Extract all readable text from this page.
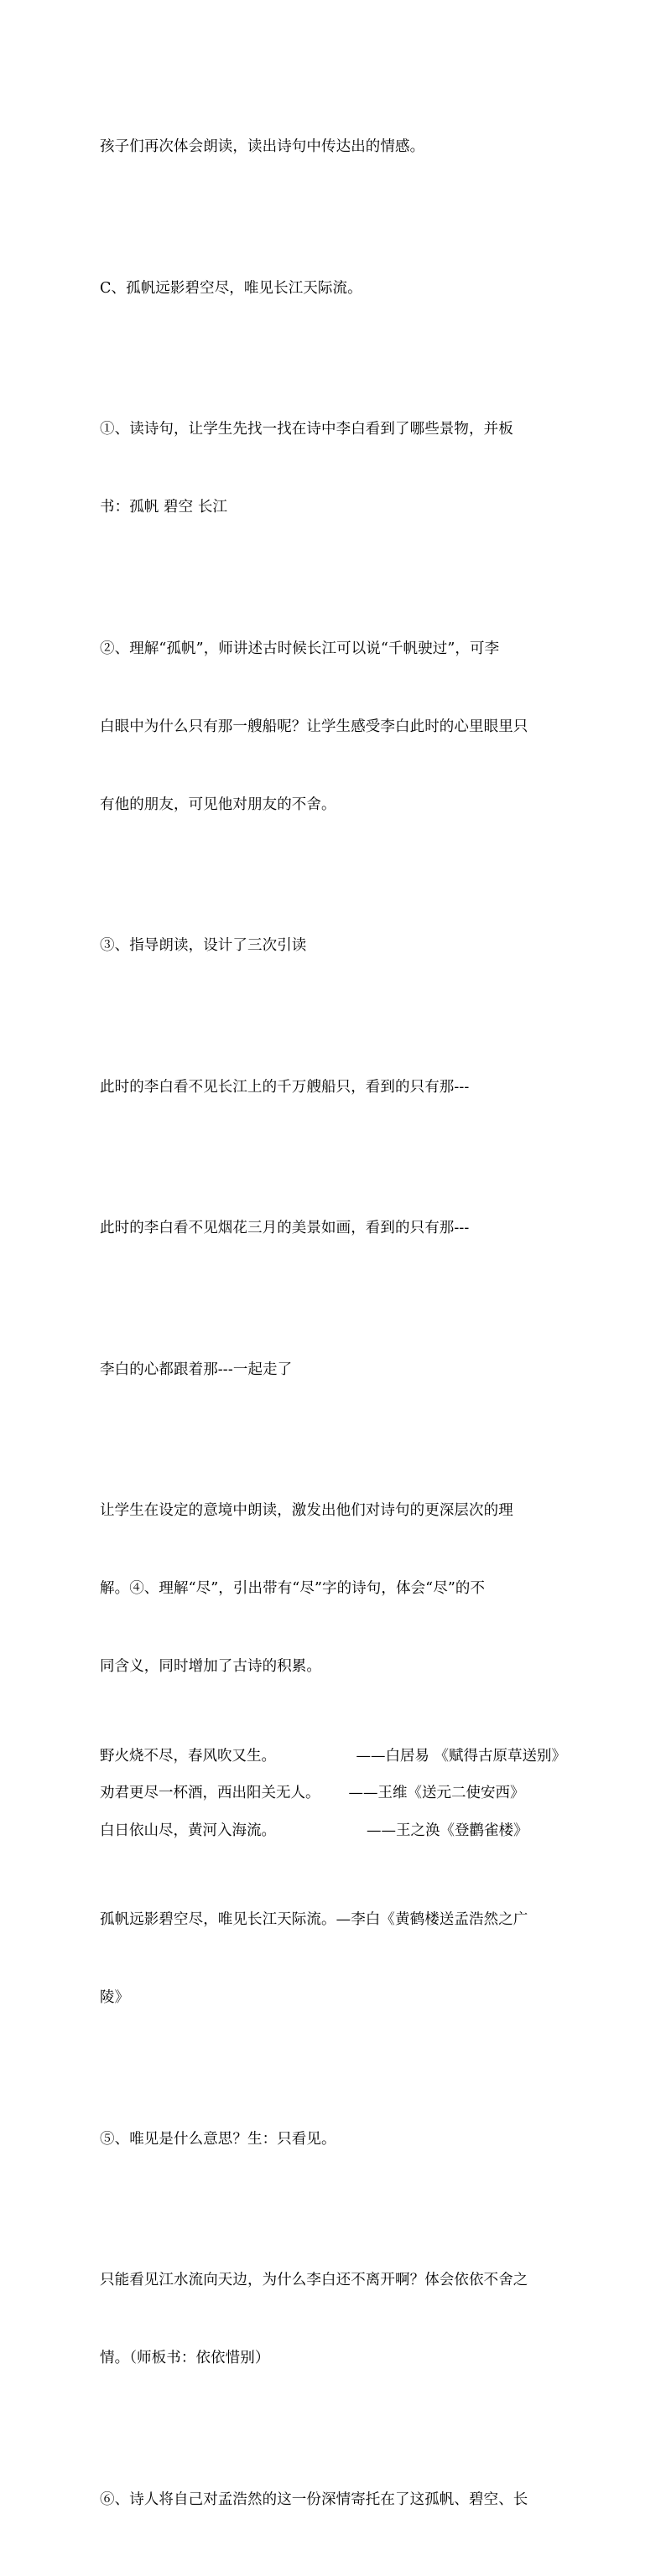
孩子们再次体会朗读，读出诗句中传达出的情感。

C、孤帆远影碧空尽，唯见长江天际流。

①、读诗句，让学生先找一找在诗中李白看到了哪些景物，并板

书：孤帆 碧空 长江

②、理解“孤帆”，师讲述古时候长江可以说“千帆驶过”，可李

白眼中为什么只有那一艘船呢？让学生感受李白此时的心里眼里只

有他的朋友，可见他对朋友的不舍。

③、指导朗读，设计了三次引读

此时的李白看不见长江上的千万艘船只，看到的只有那---

此时的李白看不见烟花三月的美景如画，看到的只有那---

李白的心都跟着那---一起走了

让学生在设定的意境中朗读，激发出他们对诗句的更深层次的理

解。④、理解“尽”，引出带有“尽”字的诗句，体会“尽”的不

同含义，同时增加了古诗的积累。

野火烧不尽，春风吹又生。	——白居易 《赋得古原草送别》
劝君更尽一杯酒，西出阳关无人。 ——王维《送元二使安西》
白日依山尽，黄河入海流。	——王之涣《登鹳雀楼》

孤帆远影碧空尽，唯见长江天际流。—李白《黄鹤楼送孟浩然之广

陵》

⑤、唯见是什么意思？生：只看见。

只能看见江水流向天边，为什么李白还不离开啊？体会依依不舍之

情。（师板书：依依惜别）

⑥、诗人将自己对孟浩然的这一份深情寄托在了这孤帆、碧空、长
